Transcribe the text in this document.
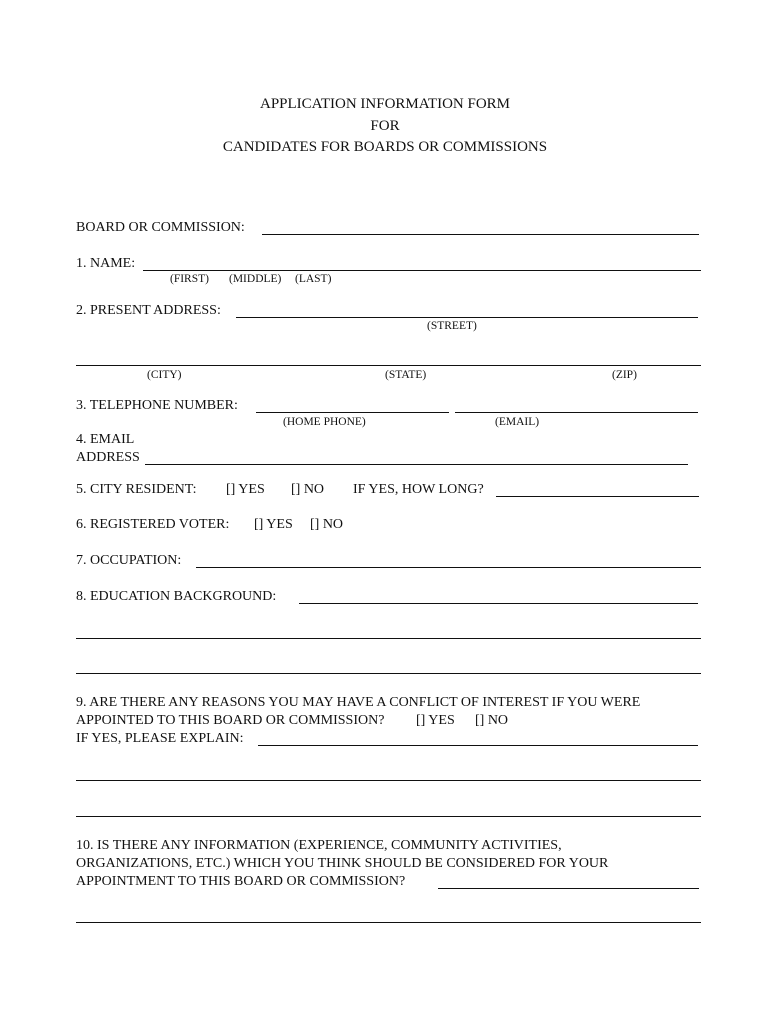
APPLICATION INFORMATION FORM
FOR
CANDIDATES FOR BOARDS OR COMMISSIONS
BOARD OR COMMISSION:
1. NAME:
(FIRST) (MIDDLE) (LAST)
2. PRESENT ADDRESS:
(STREET)
(CITY)	(STATE)	(ZIP)
3. TELEPHONE NUMBER:
(HOME PHONE)	(EMAIL)
4. EMAIL
ADDRESS
5. CITY RESIDENT: [] YES [] NO IF YES, HOW LONG?
6. REGISTERED VOTER: [] YES [] NO
7. OCCUPATION:
8. EDUCATION BACKGROUND:
9. ARE THERE ANY REASONS YOU MAY HAVE A CONFLICT OF INTEREST IF YOU WERE
APPOINTED TO THIS BOARD OR COMMISSION? [] YES [] NO
IF YES, PLEASE EXPLAIN:
10. IS THERE ANY INFORMATION (EXPERIENCE, COMMUNITY ACTIVITIES,
ORGANIZATIONS, ETC.) WHICH YOU THINK SHOULD BE CONSIDERED FOR YOUR
APPOINTMENT TO THIS BOARD OR COMMISSION?
